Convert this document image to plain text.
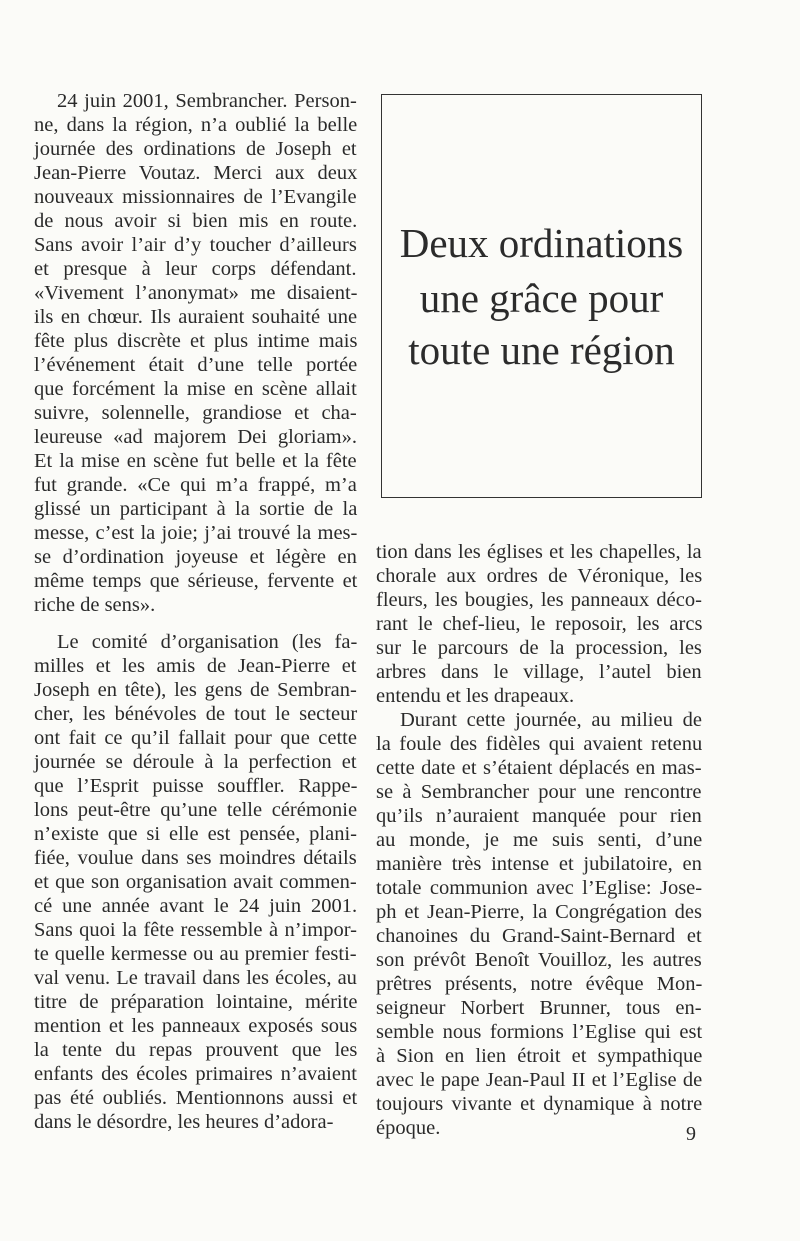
Deux ordinations
une grâce pour
toute une région

24 juin 2001, Sembrancher. Person-

ne, dans la région, n’a oublié la belle

journée des ordinations de Joseph et

Jean-Pierre Voutaz. Merci aux deux

nouveaux missionnaires de l’Evangile

de nous avoir si bien mis en route.

Sans avoir l’air d’y toucher d’ailleurs

et presque à leur corps défendant.

«Vivement l’anonymat» me disaient-

ils en chœur. Ils auraient souhaité une

fête plus discrète et plus intime mais

l’événement était d’une telle portée

que forcément la mise en scène allait

suivre, solennelle, grandiose et cha-

leureuse «ad majorem Dei gloriam».

Et la mise en scène fut belle et la fête

fut grande. «Ce qui m’a frappé, m’a

glissé un participant à la sortie de la

messe, c’est la joie; j’ai trouvé la mes-

se d’ordination joyeuse et légère en

même temps que sérieuse, fervente et

riche de sens».

Le comité d’organisation (les fa-

milles et les amis de Jean-Pierre et

Joseph en tête), les gens de Sembran-

cher, les bénévoles de tout le secteur

ont fait ce qu’il fallait pour que cette

journée se déroule à la perfection et

que l’Esprit puisse souffler. Rappe-

lons peut-être qu’une telle cérémonie

n’existe que si elle est pensée, plani-

fiée, voulue dans ses moindres détails

et que son organisation avait commen-

cé une année avant le 24 juin 2001.

Sans quoi la fête ressemble à n’impor-

te quelle kermesse ou au premier festi-

val venu. Le travail dans les écoles, au

titre de préparation lointaine, mérite

mention et les panneaux exposés sous

la tente du repas prouvent que les

enfants des écoles primaires n’avaient

pas été oubliés. Mentionnons aussi et

dans le désordre, les heures d’adora-

tion dans les églises et les chapelles, la

chorale aux ordres de Véronique, les

fleurs, les bougies, les panneaux déco-

rant le chef-lieu, le reposoir, les arcs

sur le parcours de la procession, les

arbres dans le village, l’autel bien

entendu et les drapeaux.

Durant cette journée, au milieu de

la foule des fidèles qui avaient retenu

cette date et s’étaient déplacés en mas-

se à Sembrancher pour une rencontre

qu’ils n’auraient manquée pour rien

au monde, je me suis senti, d’une

manière très intense et jubilatoire, en

totale communion avec l’Eglise: Jose-

ph et Jean-Pierre, la Congrégation des

chanoines du Grand-Saint-Bernard et

son prévôt Benoît Vouilloz, les autres

prêtres présents, notre évêque Mon-

seigneur Norbert Brunner, tous en-

semble nous formions l’Eglise qui est

à Sion en lien étroit et sympathique

avec le pape Jean-Paul II et l’Eglise de

toujours vivante et dynamique à notre

époque.	9
